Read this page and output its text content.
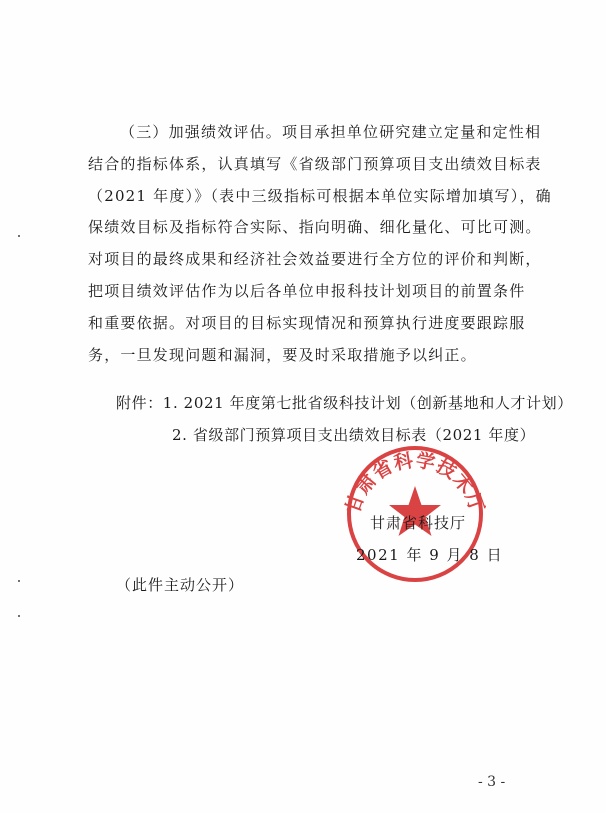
（三）加强绩效评估。项目承担单位研究建立定量和定性相
结合的指标体系，认真填写《省级部门预算项目支出绩效目标表
（2021 年度）》（表中三级指标可根据本单位实际增加填写），确
保绩效目标及指标符合实际、指向明确、细化量化、可比可测。
对项目的最终成果和经济社会效益要进行全方位的评价和判断，
把项目绩效评估作为以后各单位申报科技计划项目的前置条件
和重要依据。对项目的目标实现情况和预算执行进度要跟踪服
务，一旦发现问题和漏洞，要及时采取措施予以纠正。
附件：1. 2021 年度第七批省级科技计划（创新基地和人才计划）
2. 省级部门预算项目支出绩效目标表（2021 年度）
甘肃省科学技术厅
甘肃省科技厅
2021 年 9 月 8 日
（此件主动公开）
- 3 -
